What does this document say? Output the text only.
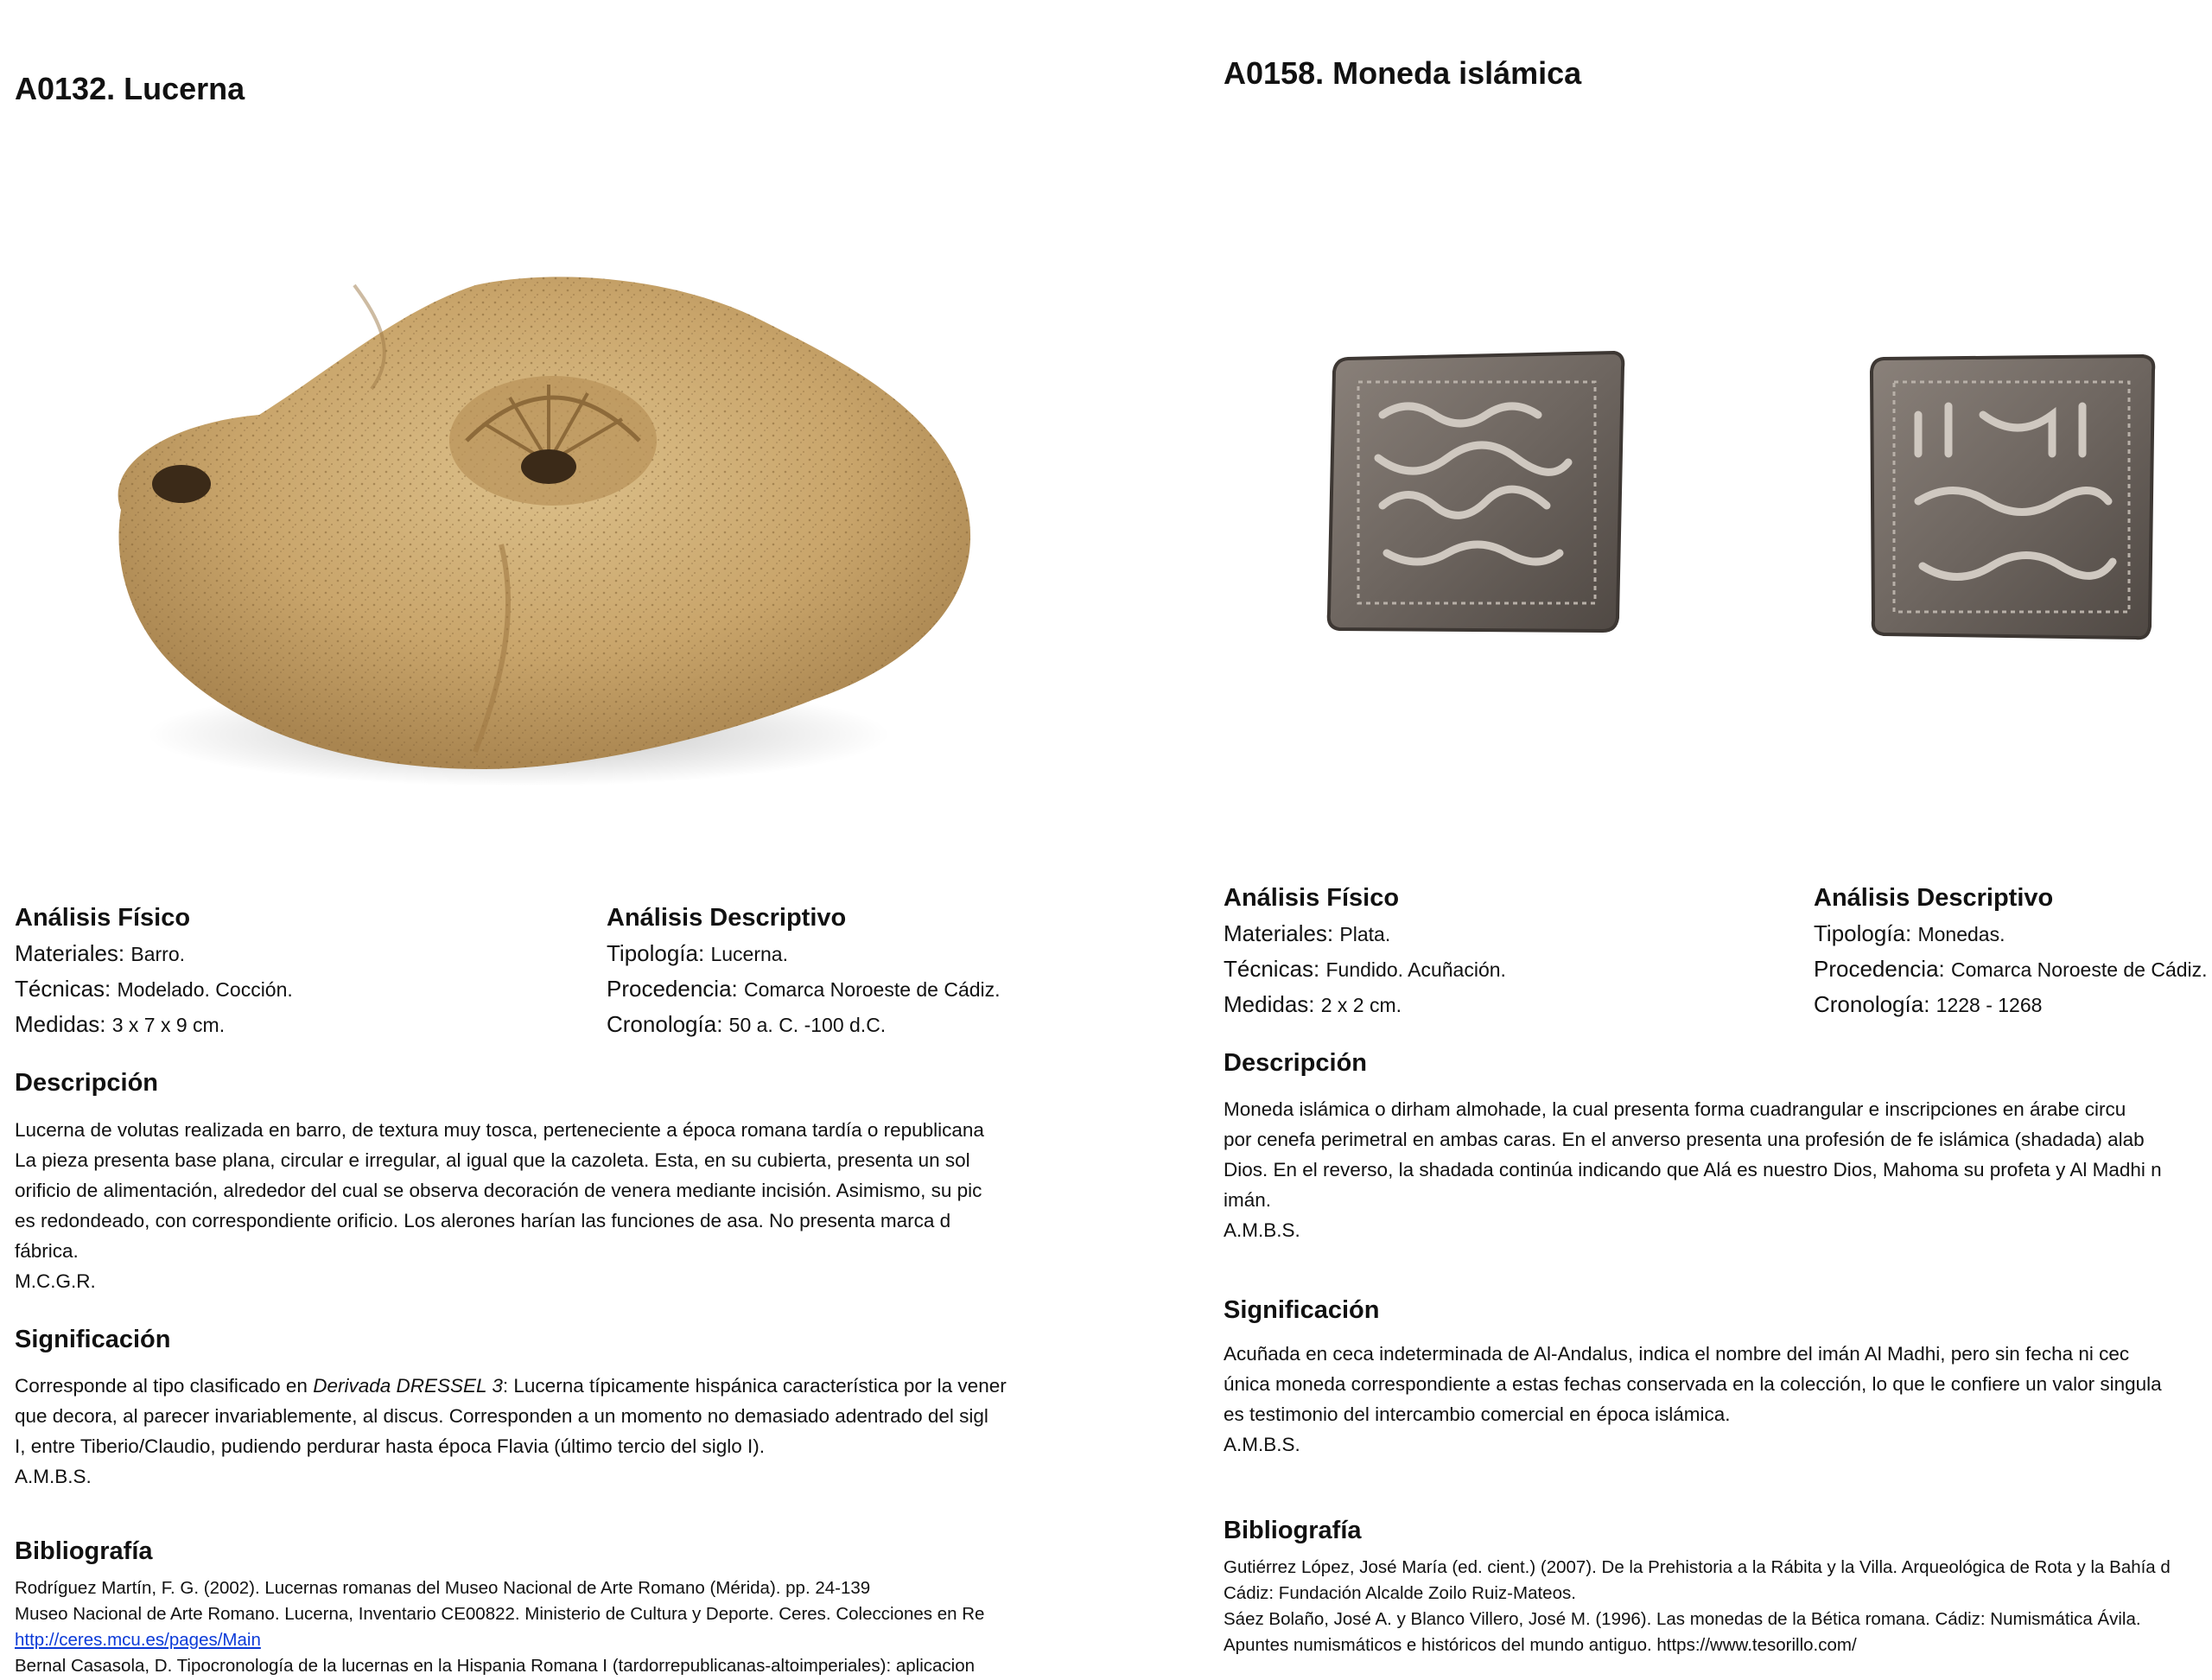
A0132. Lucerna
Análisis Físico
Materiales: Barro.
Técnicas: Modelado. Cocción.
Medidas: 3 x 7 x 9 cm.
Análisis Descriptivo
Tipología: Lucerna.
Procedencia: Comarca Noroeste de Cádiz.
Cronología: 50 a. C. -100 d.C.
Descripción
Lucerna de volutas realizada en barro, de textura muy tosca, perteneciente a época romana tardía o republicana
La pieza presenta base plana, circular e irregular, al igual que la cazoleta. Esta, en su cubierta, presenta un sol
orificio de alimentación, alrededor del cual se observa decoración de venera mediante incisión. Asimismo, su pic
es redondeado, con correspondiente orificio. Los alerones harían las funciones de asa. No presenta marca d
fábrica.
M.C.G.R.
Significación
Corresponde al tipo clasificado en Derivada DRESSEL 3: Lucerna típicamente hispánica característica por la vener
que decora, al parecer invariablemente, al discus. Corresponden a un momento no demasiado adentrado del sigl
I, entre Tiberio/Claudio, pudiendo perdurar hasta época Flavia (último tercio del siglo I).
A.M.B.S.
Bibliografía
Rodríguez Martín, F. G. (2002). Lucernas romanas del Museo Nacional de Arte Romano (Mérida). pp. 24-139
Museo Nacional de Arte Romano. Lucerna, Inventario CE00822. Ministerio de Cultura y Deporte. Ceres. Colecciones en Re
http://ceres.mcu.es/pages/Main
Bernal Casasola, D. Tipocronología de la lucernas en la Hispania Romana I (tardorrepublicanas-altoimperiales): aplicacion
A0158. Moneda islámica
Análisis Físico
Materiales: Plata.
Técnicas: Fundido. Acuñación.
Medidas: 2 x 2 cm.
Análisis Descriptivo
Tipología: Monedas.
Procedencia: Comarca Noroeste de Cádiz.
Cronología: 1228 - 1268
Descripción
Moneda islámica o dirham almohade, la cual presenta forma cuadrangular e inscripciones en árabe circu
por cenefa perimetral en ambas caras. En el anverso presenta una profesión de fe islámica (shadada) alab
Dios. En el reverso, la shadada continúa indicando que Alá es nuestro Dios, Mahoma su profeta y Al Madhi n
imán.
A.M.B.S.
Significación
Acuñada en ceca indeterminada de Al-Andalus, indica el nombre del imán Al Madhi, pero sin fecha ni cec
única moneda correspondiente a estas fechas conservada en la colección, lo que le confiere un valor singula
es testimonio del intercambio comercial en época islámica.
A.M.B.S.
Bibliografía
Gutiérrez López, José María (ed. cient.) (2007). De la Prehistoria a la Rábita y la Villa. Arqueológica de Rota y la Bahía d
Cádiz: Fundación Alcalde Zoilo Ruiz-Mateos.
Sáez Bolaño, José A. y Blanco Villero, José M. (1996). Las monedas de la Bética romana. Cádiz: Numismática Ávila.
Apuntes numismáticos e históricos del mundo antiguo. https://www.tesorillo.com/
